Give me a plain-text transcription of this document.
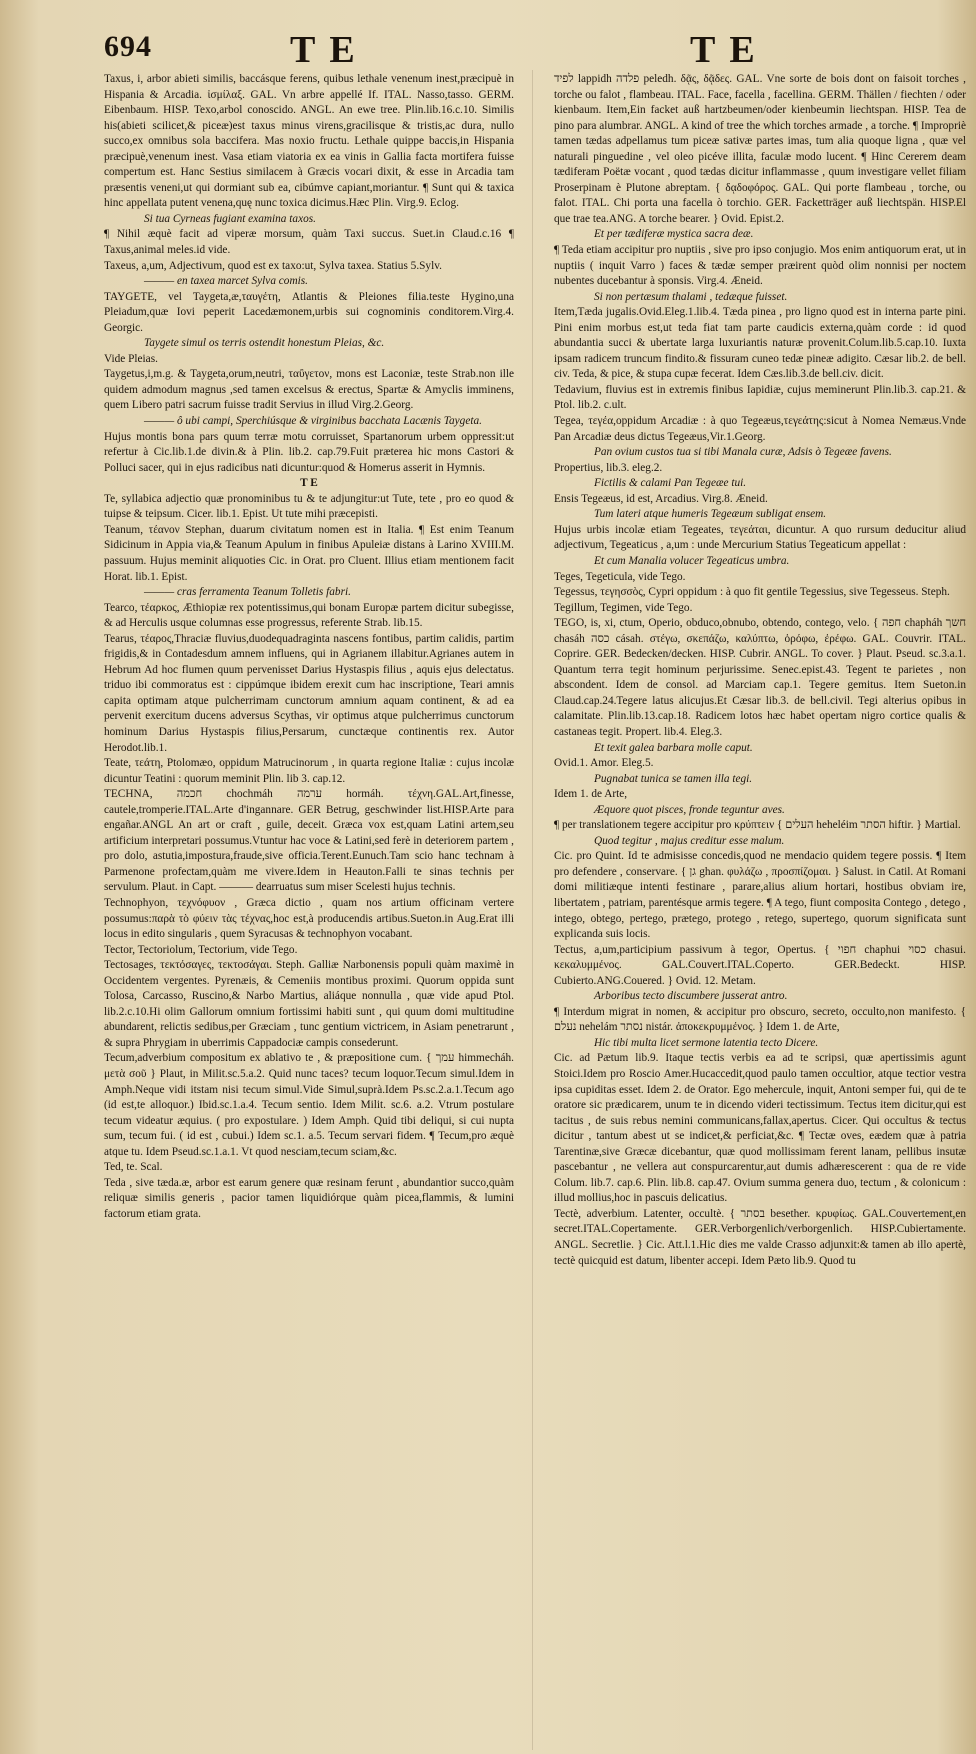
694	TE	TE

Taxus, i, arbor abieti similis, baccásque ferens, quibus lethale venenum inest,præcipuè in Hispania & Arcadia. ἱσμίλαξ. GAL. Vn arbre appellé If. ITAL. Nasso,tasso. GERM. Eibenbaum. HISP. Texo,arbol conoscido. ANGL. An ewe tree. Plin.lib.16.c.10. Similis his(abieti scilicet,& piceæ)est taxus minus virens,gracilisque & tristis,ac dura, nullo succo,ex omnibus sola baccifera. Mas noxio fructu. Lethale quippe baccis,in Hispania præcipuè,venenum inest. Vasa etiam viatoria ex ea vinis in Gallia facta mortifera fuisse compertum est. Hanc Sestius similacem à Græcis vocari dixit, & esse in Arcadia tam præsentis veneni,ut qui dormiant sub ea, cibúmve capiant,moriantur. ¶ Sunt qui & taxica hinc appellata putent venena,quę nunc toxica dicimus.Hæc Plin. Virg.9. Eclog.

Si tua Cyrneas fugiant examina taxos.

¶ Nihil æquè facit ad viperæ morsum, quàm Taxi succus. Suet.in Claud.c.16 ¶ Taxus,animal meles.id vide.

Taxeus, a,um, Adjectivum, quod est ex taxo:ut, Sylva taxea. Statius 5.Sylv.

——— en taxea marcet Sylva comis.

TAYGETE, vel Taygeta,æ,ταυγέτη, Atlantis & Pleiones filia.teste Hygino,una Pleiadum,quæ Iovi peperit Lacedæmonem,urbis sui cognominis conditorem.Virg.4. Georgic.

Taygete simul os terris ostendit honestum Pleias, &c.

Vide Pleias.

Taygetus,i,m.g. & Taygeta,orum,neutri, ταΰγετον, mons est Laconiæ, teste Strab.non ille quidem admodum magnus ,sed tamen excelsus & erectus, Spartæ & Amyclis imminens, quem Libero patri sacrum fuisse tradit Servius in illud Virg.2.Georg.

——— ô ubi campi, Sperchiúsque & virginibus bacchata Lacænis Taygeta.

Hujus montis bona pars quum terræ motu corruisset, Spartanorum urbem oppressit:ut refertur à Cic.lib.1.de divin.& à Plin. lib.2. cap.79.Fuit præterea hic mons Castori & Polluci sacer, qui in ejus radicibus nati dicuntur:quod & Homerus asserit in Hymnis.

T E

Te, syllabica adjectio quæ pronominibus tu & te adjungitur:ut Tute, tete , pro eo quod & tuipse & teipsum. Cicer. lib.1. Epist. Ut tute mihi præcepisti.

Teanum, τέανον Stephan, duarum civitatum nomen est in Italia. ¶ Est enim Teanum Sidicinum in Appia via,& Teanum Apulum in finibus Apuleiæ distans à Larino XVIII.M. passuum. Hujus meminit aliquoties Cic. in Orat. pro Cluent. Illius etiam mentionem facit Horat. lib.1. Epist.

——— cras ferramenta Teanum Tolletis fabri.

Tearco, τέαρκος, Æthiopiæ rex potentissimus,qui bonam Europæ partem dicitur subegisse, & ad Herculis usque columnas esse progressus, referente Strab. lib.15.

Tearus, τέαρος,Thraciæ fluvius,duodequadraginta nascens fontibus, partim calidis, partim frigidis,& in Contadesdum amnem influens, qui in Agrianem illabitur.Agrianes autem in Hebrum Ad hoc flumen quum pervenisset Darius Hystaspis filius , aquis ejus delectatus. triduo ibi commoratus est : cippúmque ibidem erexit cum hac inscriptione, Teari amnis capita optimam atque pulcherrimam cunctorum amnium aquam continent, & ad ea pervenit exercitum ducens adversus Scythas, vir optimus atque pulcherrimus cunctorum hominum Darius Hystaspis filius,Persarum, cunctæque continentis rex. Autor Herodot.lib.1.

Teate, τεάτη, Ptolomæo, oppidum Matrucinorum , in quarta regione Italiæ : cujus incolæ dicuntur Teatini : quorum meminit Plin. lib 3. cap.12.

TECHNA, חכמה chochmáh ערמה hormáh. τέχνη.GAL.Art,finesse, cautele,tromperie.ITAL.Arte d'ingannare. GER Betrug, geschwinder list.HISP.Arte para engañar.ANGL An art or craft , guile, deceit. Græca vox est,quam Latini artem,seu artificium interpretari possumus.Vtuntur hac voce & Latini,sed ferè in deteriorem partem , pro dolo, astutia,impostura,fraude,sive officia.Terent.Eunuch.Tam scio hanc technam à Parmenone profectam,quàm me vivere.Idem in Heauton.Falli te sinas technis per servulum. Plaut. in Capt. ——— dearruatus sum miser Scelesti hujus technis.

Technophyon, τεχνόφυον , Græca dictio , quam nos artium officinam vertere possumus:παρὰ τὸ φύειν τὰς τέχνας,hoc est,à producendis artibus.Sueton.in Aug.Erat illi locus in edito singularis , quem Syracusas & technophyon vocabant.

Tector, Tectoriolum, Tectorium, vide Tego.

Tectosages, τεκτόσαγες, τεκτοσάγαι. Steph. Galliæ Narbonensis populi quàm maximè in Occidentem vergentes. Pyrenæis, & Cemeniis montibus proximi. Quorum oppida sunt Tolosa, Carcasso, Ruscino,& Narbo Martius, aliáque nonnulla , quæ vide apud Ptol. lib.2.c.10.Hi olim Gallorum omnium fortissimi habiti sunt , qui quum domi multitudine abundarent, relictis sedibus,per Græciam , tunc gentium victricem, in Asiam penetrarunt , & supra Phrygiam in uberrimis Cappadociæ campis consederunt.

Tecum,adverbium compositum ex ablativo te , & præpositione cum. { עמך himmecháh. μετὰ σοῦ } Plaut, in Milit.sc.5.a.2. Quid nunc taces? tecum loquor.Tecum simul.Idem in Amph.Neque vidi itstam nisi tecum simul.Vide Simul,suprà.Idem Ps.sc.2.a.1.Tecum ago (id est,te alloquor.) Ibid.sc.1.a.4. Tecum sentio. Idem Milit. sc.6. a.2. Vtrum postulare tecum videatur æquius. ( pro expostulare. ) Idem Amph. Quid tibi deliqui, si cui nupta sum, tecum fui. ( id est , cubui.) Idem sc.1. a.5. Tecum servari fidem. ¶ Tecum,pro æquè atque tu. Idem Pseud.sc.1.a.1. Vt quod nesciam,tecum sciam,&c.

Ted, te. Scal.

Teda , sive tæda.æ, arbor est earum genere quæ resinam ferunt , abundantior succo,quàm reliquæ similis generis , pacior tamen liquidiórque quàm picea,flammis, & lumini factorum etiam grata.

לפיד lappidh פלדה peledh. δᾷς, δᾷδες. GAL. Vne sorte de bois dont on faisoit torches , torche ou falot , flambeau. ITAL. Face, facella , facellina. GERM. Thällen / fiechten / oder kienbaum. Item,Ein facket auß hartzbeumen/oder kienbeumin liechtspan. HISP. Tea de pino para alumbrar. ANGL. A kind of tree the which torches armade , a torche. ¶ Impropriè tamen tædas adpellamus tum piceæ sativæ partes imas, tum alia quoque ligna , quæ vel naturali pinguedine , vel oleo picéve illita, faculæ modo lucent. ¶ Hinc Cererem deam tædiferam Poëtæ vocant , quod tædas dicitur inflammasse , quum investigare vellet filiam Proserpinam è Plutone abreptam. { δᾳδοφόρος. GAL. Qui porte flambeau , torche, ou falot. ITAL. Chi porta una facella ò torchio. GER. Facketträger auß liechtspän. HISP.El que trae tea.ANG. A torche bearer. } Ovid. Epist.2.

Et per tædiferæ mystica sacra deæ.

¶ Teda etiam accipitur pro nuptiis , sive pro ipso conjugio. Mos enim antiquorum erat, ut in nuptiis ( inquit Varro ) faces & tædæ semper præirent quòd olim nonnisi per noctem nubentes ducebantur à sponsis. Virg.4. Æneid.

Si non pertæsum thalami , tedæque fuisset.

Item,Tæda jugalis.Ovid.Eleg.1.lib.4. Tæda pinea , pro ligno quod est in interna parte pini. Pini enim morbus est,ut teda fiat tam parte caudicis externa,quàm corde : id quod abundantia succi & ubertate larga luxuriantis naturæ provenit.Colum.lib.5.cap.10. Iuxta ipsam radicem truncum findito.& fissuram cuneo tedæ pineæ adigito. Cæsar lib.2. de bell. civ. Teda, & pice, & stupa cupæ fecerat. Idem Cæs.lib.3.de bell.civ. dicit.

Tedavium, fluvius est in extremis finibus Iapidiæ, cujus meminerunt Plin.lib.3. cap.21. & Ptol. lib.2. c.ult.

Tegea, τεγέα,oppidum Arcadiæ : à quo Tegeæus,τεγεάτης:sicut à Nomea Nemæus.Vnde Pan Arcadiæ deus dictus Tegeæus,Vir.1.Georg.

Pan ovium custos tua si tibi Manala curæ, Adsis ò Tegeæe favens.

Propertius, lib.3. eleg.2.

Fictilis & calami Pan Tegeæe tui.

Ensis Tegeæus, id est, Arcadius. Virg.8. Æneid.

Tum lateri atque humeris Tegeæum subligat ensem.

Hujus urbis incolæ etiam Tegeates, τεγεάται, dicuntur. A quo rursum deducitur aliud adjectivum, Tegeaticus , a,um : unde Mercurium Statius Tegeaticum appellat :

Et cum Manalia volucer Tegeaticus umbra.

Teges, Tegeticula, vide Tego.

Tegessus, τεγησσὸς, Cypri oppidum : à quo fit gentile Tegessius, sive Tegesseus. Steph.

Tegillum, Tegimen, vide Tego.

TEGO, is, xi, ctum, Operio, obduco,obnubo, obtendo, contego, velo. { חפה chapháh חשך chasáh כסה cásah. στέγω, σκεπάζω, καλύπτω, ὀρόφω, ἐρέφω. GAL. Couvrir. ITAL. Coprire. GER. Bedecken/decken. HISP. Cubrir. ANGL. To cover. } Plaut. Pseud. sc.3.a.1. Quantum terra tegit hominum perjurissime. Senec.epist.43. Tegent te parietes , non abscondent. Idem de consol. ad Marciam cap.1. Tegere gemitus. Item Sueton.in Claud.cap.24.Tegere latus alicujus.Et Cæsar lib.3. de bell.civil. Tegi alterius opibus in calamitate. Plin.lib.13.cap.18. Radicem lotos hæc habet opertam nigro cortice qualis & castaneas tegit. Propert. lib.4. Eleg.3.

Et texit galea barbara molle caput.

Ovid.1. Amor. Eleg.5.

Pugnabat tunica se tamen illa tegi.

Idem 1. de Arte,

Æquore quot pisces, fronde teguntur aves.

¶ per translationem tegere accipitur pro κρύπτειν { העלים heheléim הסתר hiftir. } Martial.

Quod tegitur , majus creditur esse malum.

Cic. pro Quint. Id te admisisse concedis,quod ne mendacio quidem tegere possis. ¶ Item pro defendere , conservare. { גן ghan. φυλάζω , προσπίζομαι. } Salust. in Catil. At Romani domi militiæque intenti festinare , parare,alius alium hortari, hostibus obviam ire, libertatem , patriam, parentésque armis tegere. ¶ A tego, fiunt composita Contego , detego , intego, obtego, pertego, prætego, protego , retego, supertego, quorum significata sunt explicanda suis locis.

Tectus, a,um,participium passivum à tegor, Opertus. { חפוי chaphui כסוי chasui. κεκαλυμμένος. GAL.Couvert.ITAL.Coperto. GER.Bedeckt. HISP. Cubierto.ANG.Couered. } Ovid. 12. Metam.

Arboribus tecto discumbere jusserat antro.

¶ Interdum migrat in nomen, & accipitur pro obscuro, secreto, occulto,non manifesto. { נעלם nehelám נסתר nistár. ἀποκεκρυμμένος. } Idem 1. de Arte,

Hic tibi multa licet sermone latentia tecto Dicere.

Cic. ad Pætum lib.9. Itaque tectis verbis ea ad te scripsi, quæ apertissimis agunt Stoici.Idem pro Roscio Amer.Hucaccedit,quod paulo tamen occultior, atque tectior vestra ipsa cupiditas esset. Idem 2. de Orator. Ego mehercule, inquit, Antoni semper fui, qui de te oratore sic prædicarem, unum te in dicendo videri tectissimum. Tectus item dicitur,qui est tacitus , de suis rebus nemini communicans,fallax,apertus. Cicer. Qui occultus & tectus dicitur , tantum abest ut se indicet,& perficiat,&c. ¶ Tectæ oves, eædem quæ à patria Tarentinæ,sive Græcæ dicebantur, quæ quod mollissimam ferent lanam, pellibus insutæ pascebantur , ne vellera aut conspurcarentur,aut dumis adhærescerent : qua de re vide Colum. lib.7. cap.6. Plin. lib.8. cap.47. Ovium summa genera duo, tectum , & colonicum : illud mollius,hoc in pascuis delicatius.

Tectè, adverbium. Latenter, occultè. { בסתר besether. κρυφίως. GAL.Couvertement,en secret.ITAL.Copertamente. GER.Verborgenlich/verborgenlich. HISP.Cubiertamente. ANGL. Secretlie. } Cic. Att.l.1.Hic dies me valde Crasso adjunxit:& tamen ab illo apertè, tectè quicquid est datum, libenter accepi. Idem Pæto lib.9. Quod tu
